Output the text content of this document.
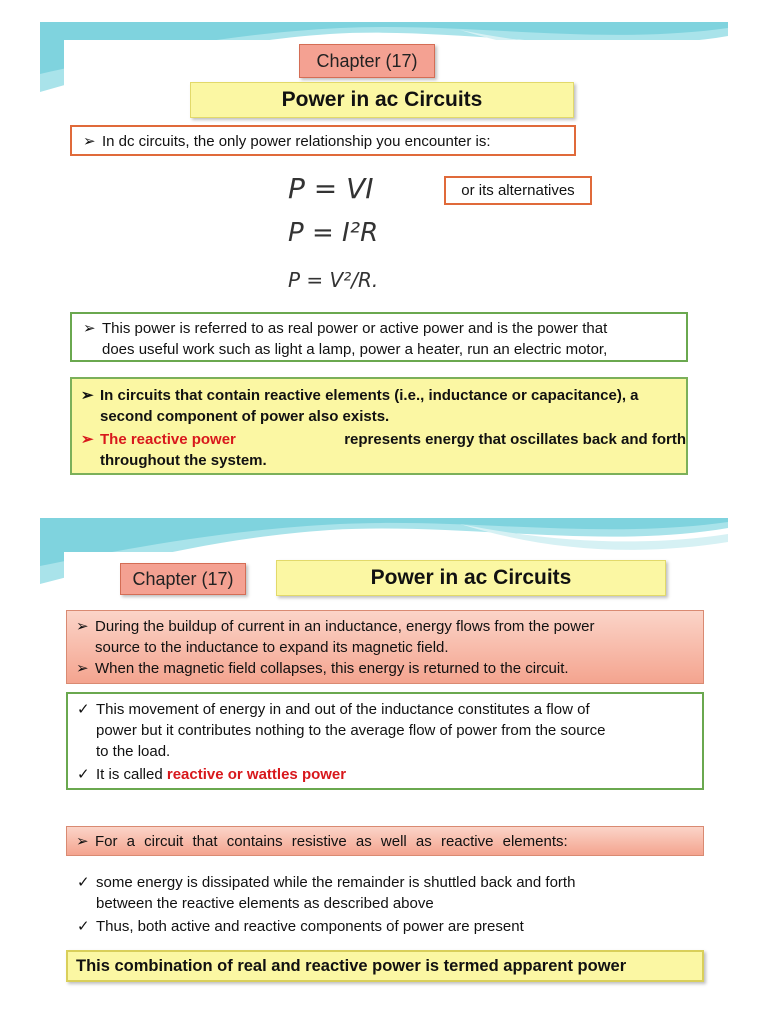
Chapter (17)
Power in ac Circuits
➢ In dc circuits, the only power relationship you encounter is:
P = VI
P = I²R
P = V²/R.
or its alternatives
➢ This power is referred to as real power or active power and is the power that
does useful work such as light a lamp, power a heater, run an electric motor,
➢ In circuits that contain reactive elements (i.e., inductance or capacitance), a
second component of power also exists.
➢ The reactive power	represents energy that oscillates back and forth
throughout the system.
Chapter (17)	Power in ac Circuits
➢ During the buildup of current in an inductance, energy flows from the power
source to the inductance to expand its magnetic field.
➢ When the magnetic field collapses, this energy is returned to the circuit.
✓ This movement of energy in and out of the inductance constitutes a flow of
power but it contributes nothing to the average flow of power from the source
to the load.
✓ It is called reactive or wattles power
➢ For a circuit that contains resistive as well as reactive elements:
✓ some energy is dissipated while the remainder is shuttled back and forth
between the reactive elements as described above
✓ Thus, both active and reactive components of power are present
This combination of real and reactive power is termed apparent power
